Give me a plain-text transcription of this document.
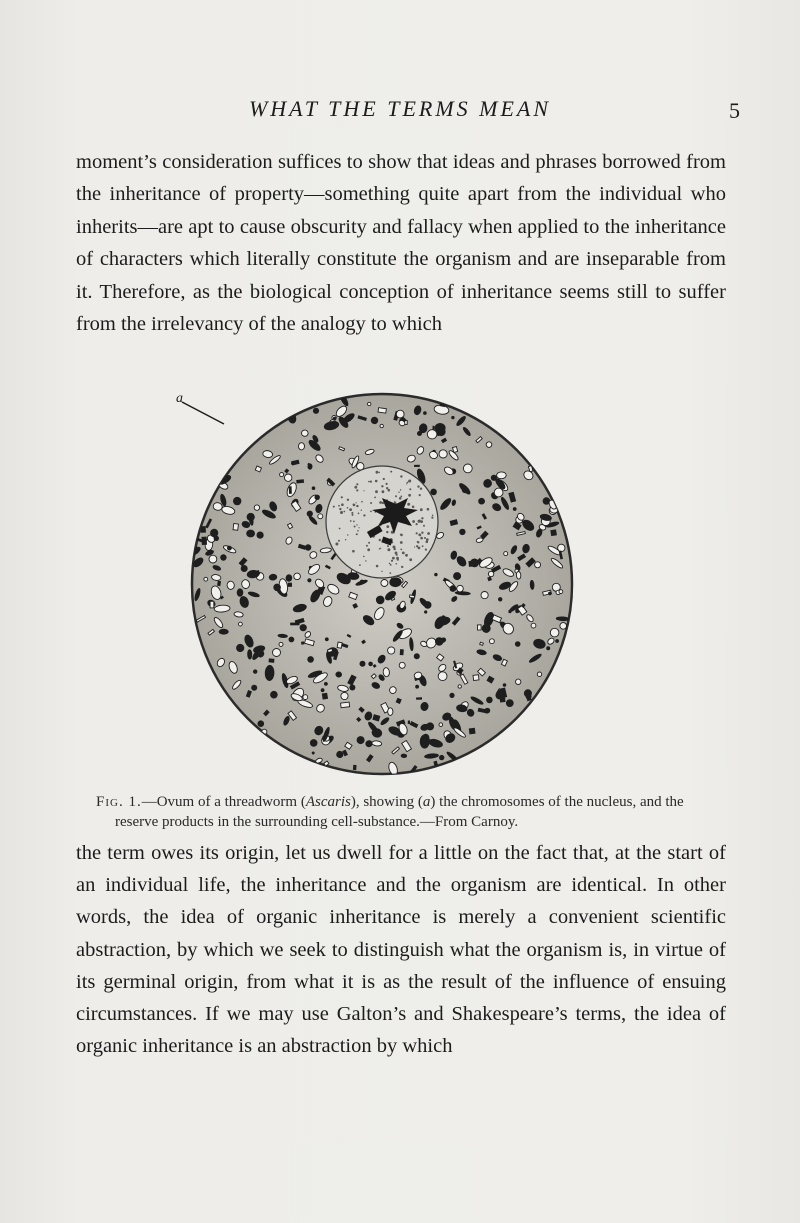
WHAT THE TERMS MEAN	5

moment’s consideration suffices to show that ideas and phrases borrowed from the inheritance of property—something quite apart from the individual who inherits—are apt to cause obscurity and fallacy when applied to the inheritance of characters which literally constitute the organism and are inseparable from it. Therefore, as the biological conception of inheritance seems still to suffer from the irrelevancy of the analogy to which

a

Fig. 1.—Ovum of a threadworm (Ascaris), showing (a) the chromosomes of the nucleus, and the reserve products in the surrounding cell-substance.—From Carnoy.

the term owes its origin, let us dwell for a little on the fact that, at the start of an individual life, the inheritance and the organism are identical. In other words, the idea of organic inheritance is merely a convenient scientific abstraction, by which we seek to distinguish what the organism is, in virtue of its germinal origin, from what it is as the result of the influence of ensuing circumstances. If we may use Galton’s and Shakespeare’s terms, the idea of organic inheritance is an abstraction by which
